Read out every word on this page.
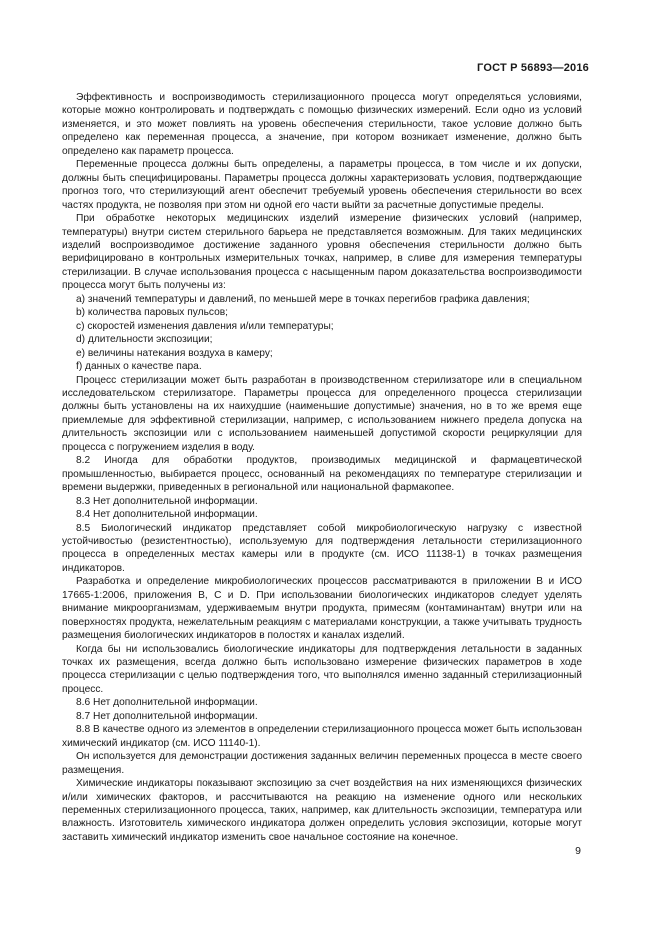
ГОСТ Р 56893—2016

Эффективность и воспроизводимость стерилизационного процесса могут определяться условиями, которые можно контролировать и подтверждать с помощью физических измерений. Если одно из условий изменяется, и это может повлиять на уровень обеспечения стерильности, такое условие должно быть определено как переменная процесса, а значение, при котором возникает изменение, должно быть определено как параметр процесса.

Переменные процесса должны быть определены, а параметры процесса, в том числе и их допуски, должны быть специфицированы. Параметры процесса должны характеризовать условия, подтверждающие прогноз того, что стерилизующий агент обеспечит требуемый уровень обеспечения стерильности во всех частях продукта, не позволяя при этом ни одной его части выйти за расчетные допустимые пределы.

При обработке некоторых медицинских изделий измерение физических условий (например, температуры) внутри систем стерильного барьера не представляется возможным. Для таких медицинских изделий воспроизводимое достижение заданного уровня обеспечения стерильности должно быть верифицировано в контрольных измерительных точках, например, в сливе для измерения температуры стерилизации. В случае использования процесса с насыщенным паром доказательства воспроизводимости процесса могут быть получены из:

а) значений температуры и давлений, по меньшей мере в точках перегибов графика давления;

b) количества паровых пульсов;

c) скоростей изменения давления и/или температуры;

d) длительности экспозиции;

e) величины натекания воздуха в камеру;

f) данных о качестве пара.

Процесс стерилизации может быть разработан в производственном стерилизаторе или в специальном исследовательском стерилизаторе. Параметры процесса для определенного процесса стерилизации должны быть установлены на их наихудшие (наименьшие допустимые) значения, но в то же время еще приемлемые для эффективной стерилизации, например, с использованием нижнего предела допуска на длительность экспозиции или с использованием наименьшей допустимой скорости рециркуляции для процесса с погружением изделия в воду.

8.2 Иногда для обработки продуктов, производимых медицинской и фармацевтической промышленностью, выбирается процесс, основанный на рекомендациях по температуре стерилизации и времени выдержки, приведенных в региональной или национальной фармакопее.

8.3 Нет дополнительной информации.

8.4 Нет дополнительной информации.

8.5 Биологический индикатор представляет собой микробиологическую нагрузку с известной устойчивостью (резистентностью), используемую для подтверждения летальности стерилизационного процесса в определенных местах камеры или в продукте (см. ИСО 11138-1) в точках размещения индикаторов.

Разработка и определение микробиологических процессов рассматриваются в приложении В и ИСО 17665-1:2006, приложения В, С и D. При использовании биологических индикаторов следует уделять внимание микроорганизмам, удерживаемым внутри продукта, примесям (контаминантам) внутри или на поверхностях продукта, нежелательным реакциям с материалами конструкции, а также учитывать трудность размещения биологических индикаторов в полостях и каналах изделий.

Когда бы ни использовались биологические индикаторы для подтверждения летальности в заданных точках их размещения, всегда должно быть использовано измерение физических параметров в ходе процесса стерилизации с целью подтверждения того, что выполнялся именно заданный стерилизационный процесс.

8.6 Нет дополнительной информации.

8.7 Нет дополнительной информации.

8.8 В качестве одного из элементов в определении стерилизационного процесса может быть использован химический индикатор (см. ИСО 11140-1).

Он используется для демонстрации достижения заданных величин переменных процесса в месте своего размещения.

Химические индикаторы показывают экспозицию за счет воздействия на них изменяющихся физических и/или химических факторов, и рассчитываются на реакцию на изменение одного или нескольких переменных стерилизационного процесса, таких, например, как длительность экспозиции, температура или влажность. Изготовитель химического индикатора должен определить условия экспозиции, которые могут заставить химический индикатор изменить свое начальное состояние на конечное.

9
